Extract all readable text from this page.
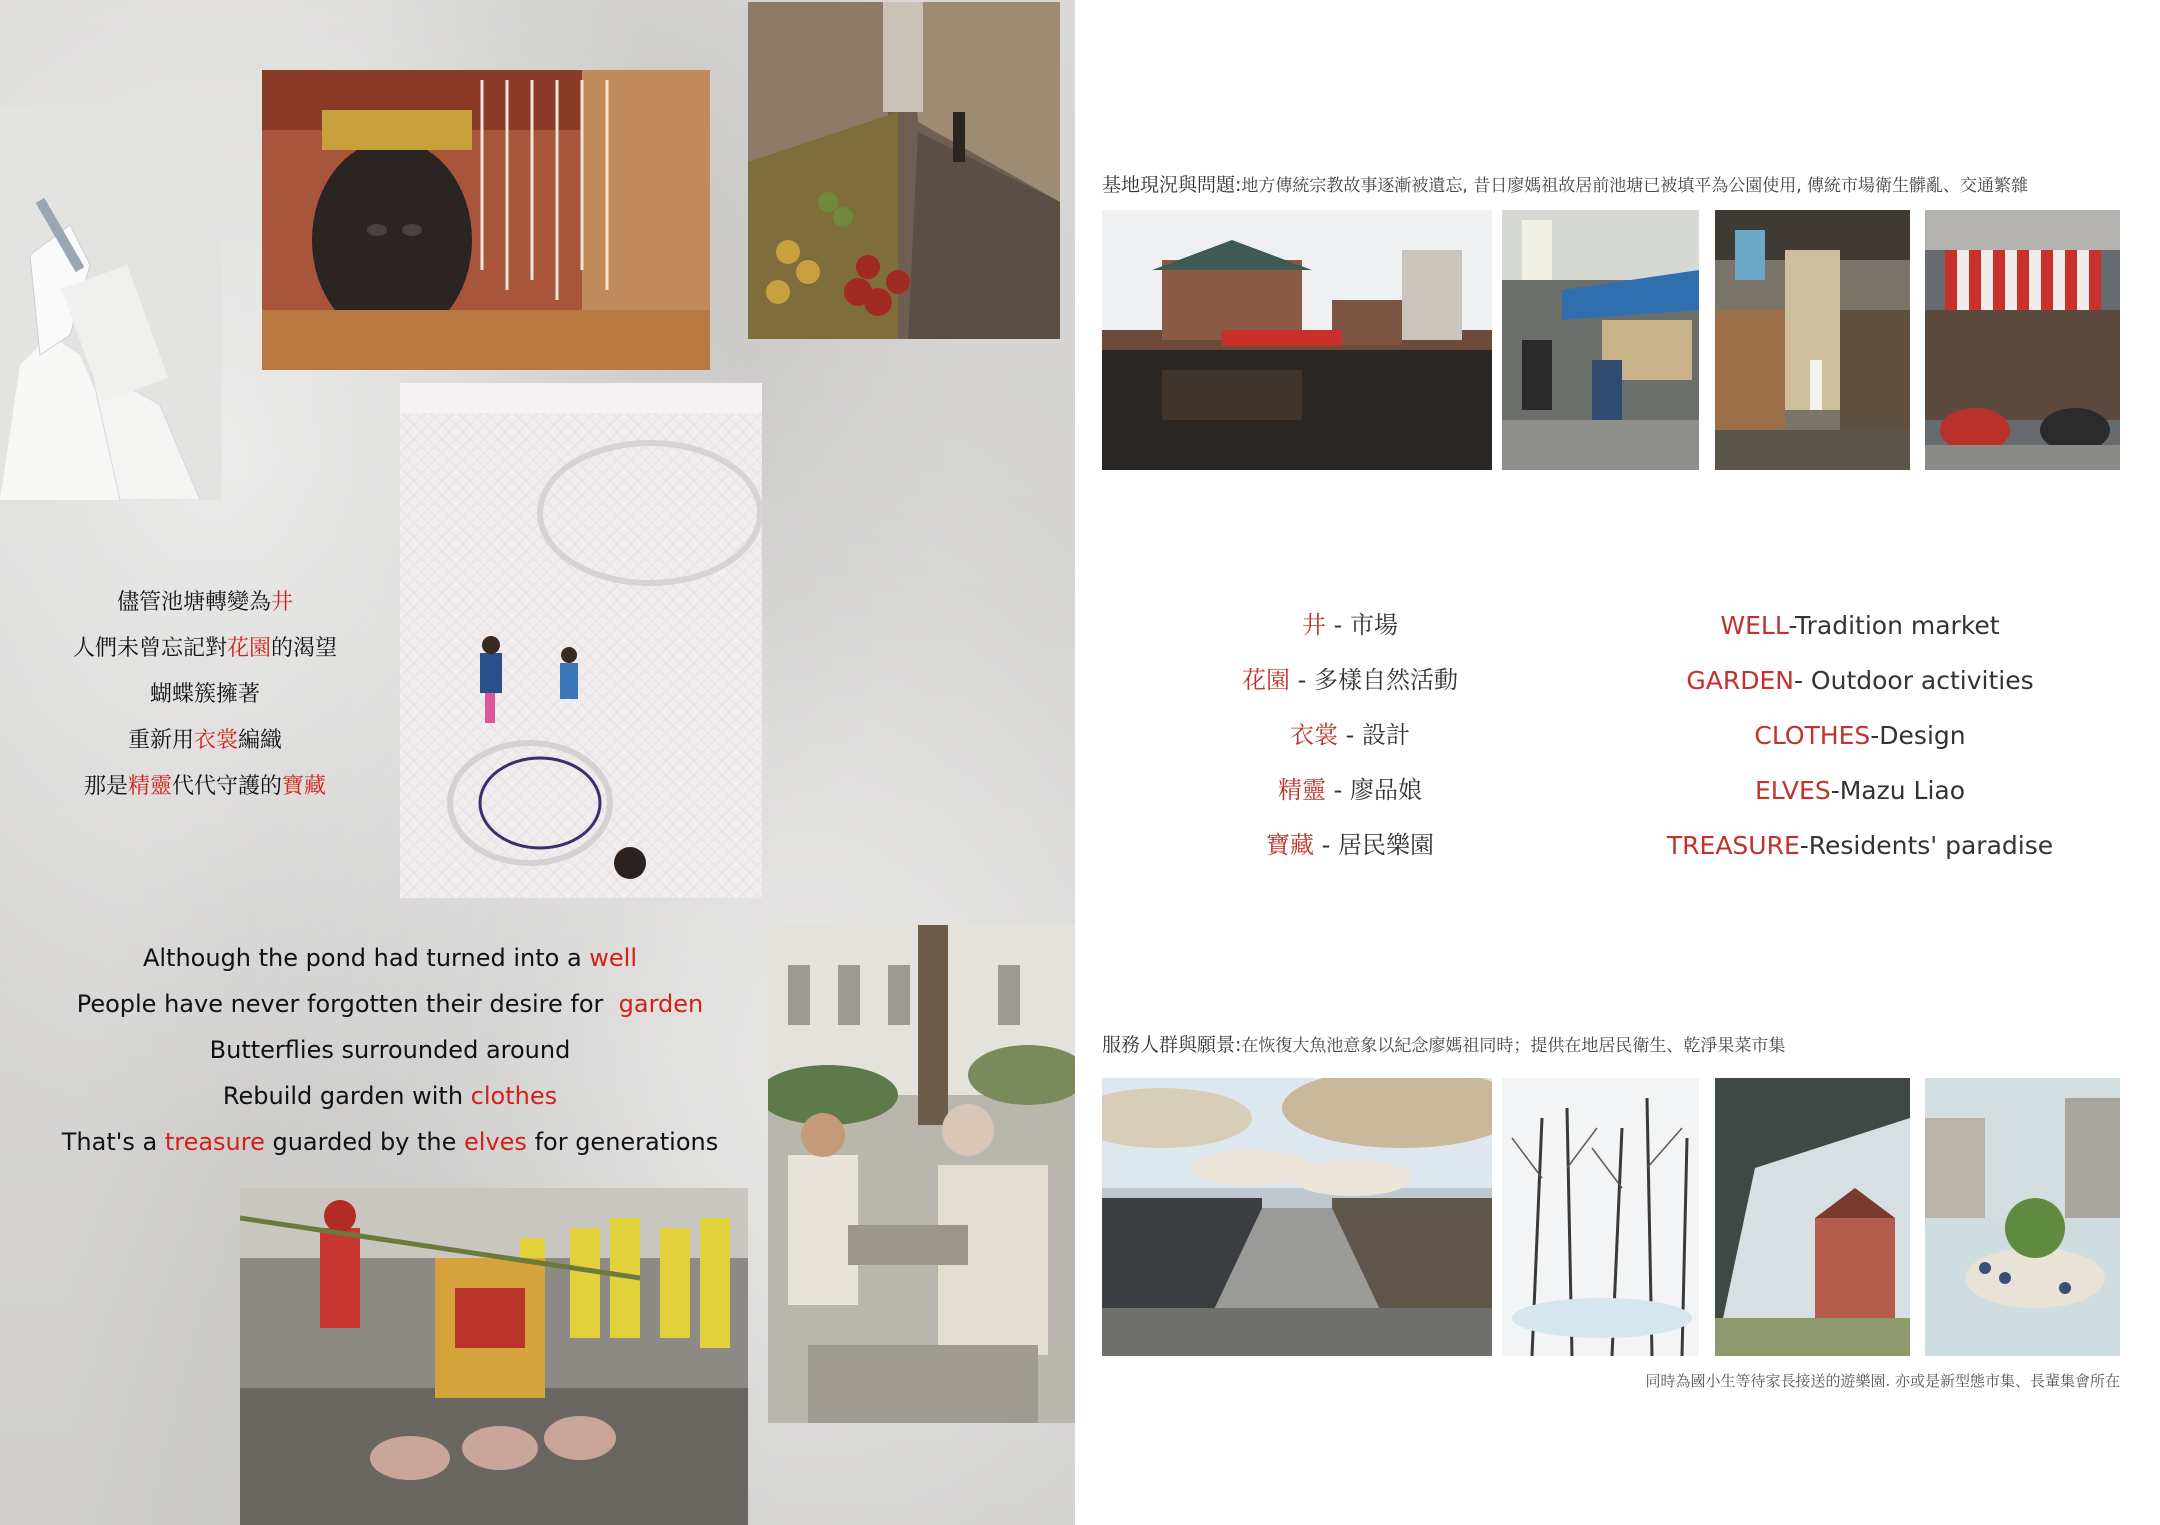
儘管池塘轉變為井
人們未曾忘記對花園的渴望
蝴蝶簇擁著
重新用衣裳編織
那是精靈代代守護的寶藏
Although the pond had turned into a well
People have never forgotten their desire for  garden
Butterflies surrounded around
Rebuild garden with clothes
That's a treasure guarded by the elves for generations
基地現況與問題:地方傳統宗教故事逐漸被遺忘, 昔日廖媽祖故居前池塘已被填平為公園使用, 傳統市場衛生髒亂、交通繁雜
井 - 市場
花園 - 多樣自然活動
衣裳 - 設計
精靈 - 廖品娘
寶藏 - 居民樂園
WELL-Tradition market
GARDEN- Outdoor activities
CLOTHES-Design
ELVES-Mazu Liao
TREASURE-Residents' paradise
服務人群與願景:在恢復大魚池意象以紀念廖媽祖同時；提供在地居民衛生、乾淨果菜市集
同時為國小生等待家長接送的遊樂園. 亦或是新型態市集、長輩集會所在
